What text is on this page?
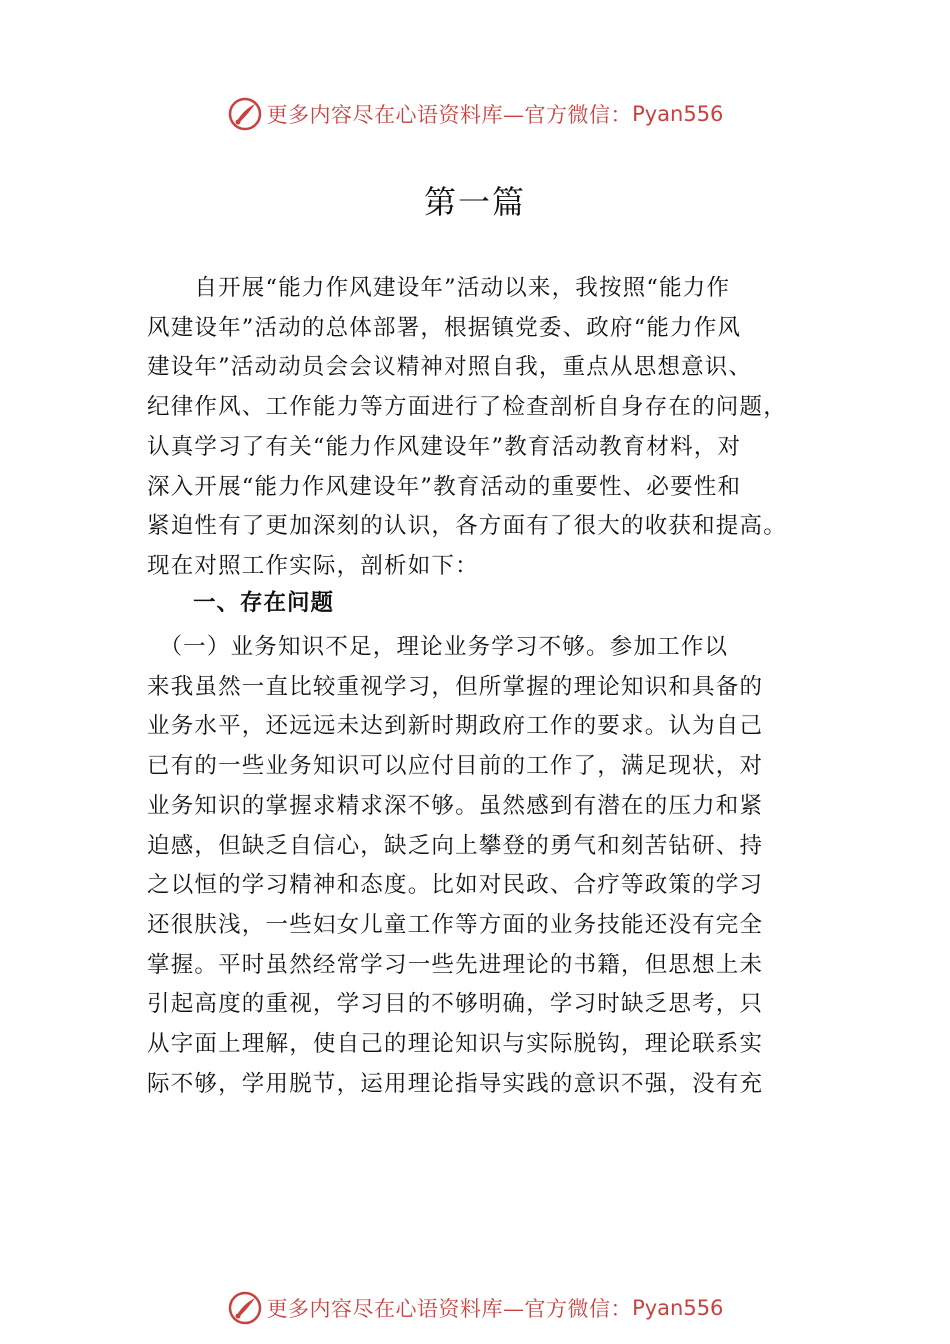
更多内容尽在心语资料库—官方微信： Pyan556
第一篇
　　自开展“能力作风建设年”活动以来，我按照“能力作
风建设年”活动的总体部署，根据镇党委、政府“能力作风
建设年”活动动员会会议精神对照自我，重点从思想意识、
纪律作风、工作能力等方面进行了检查剖析自身存在的问题，
认真学习了有关“能力作风建设年”教育活动教育材料，对
深入开展“能力作风建设年”教育活动的重要性、必要性和
紧迫性有了更加深刻的认识，各方面有了很大的收获和提高。
现在对照工作实际，剖析如下：
一、存在问题
　（一）业务知识不足，理论业务学习不够。参加工作以
来我虽然一直比较重视学习，但所掌握的理论知识和具备的
业务水平，还远远未达到新时期政府工作的要求。认为自己
已有的一些业务知识可以应付目前的工作了，满足现状，对
业务知识的掌握求精求深不够。虽然感到有潜在的压力和紧
迫感，但缺乏自信心，缺乏向上攀登的勇气和刻苦钻研、持
之以恒的学习精神和态度。比如对民政、合疗等政策的学习
还很肤浅，一些妇女儿童工作等方面的业务技能还没有完全
掌握。平时虽然经常学习一些先进理论的书籍，但思想上未
引起高度的重视，学习目的不够明确，学习时缺乏思考，只
从字面上理解，使自己的理论知识与实际脱钩，理论联系实
际不够，学用脱节，运用理论指导实践的意识不强，没有充
更多内容尽在心语资料库—官方微信： Pyan556
